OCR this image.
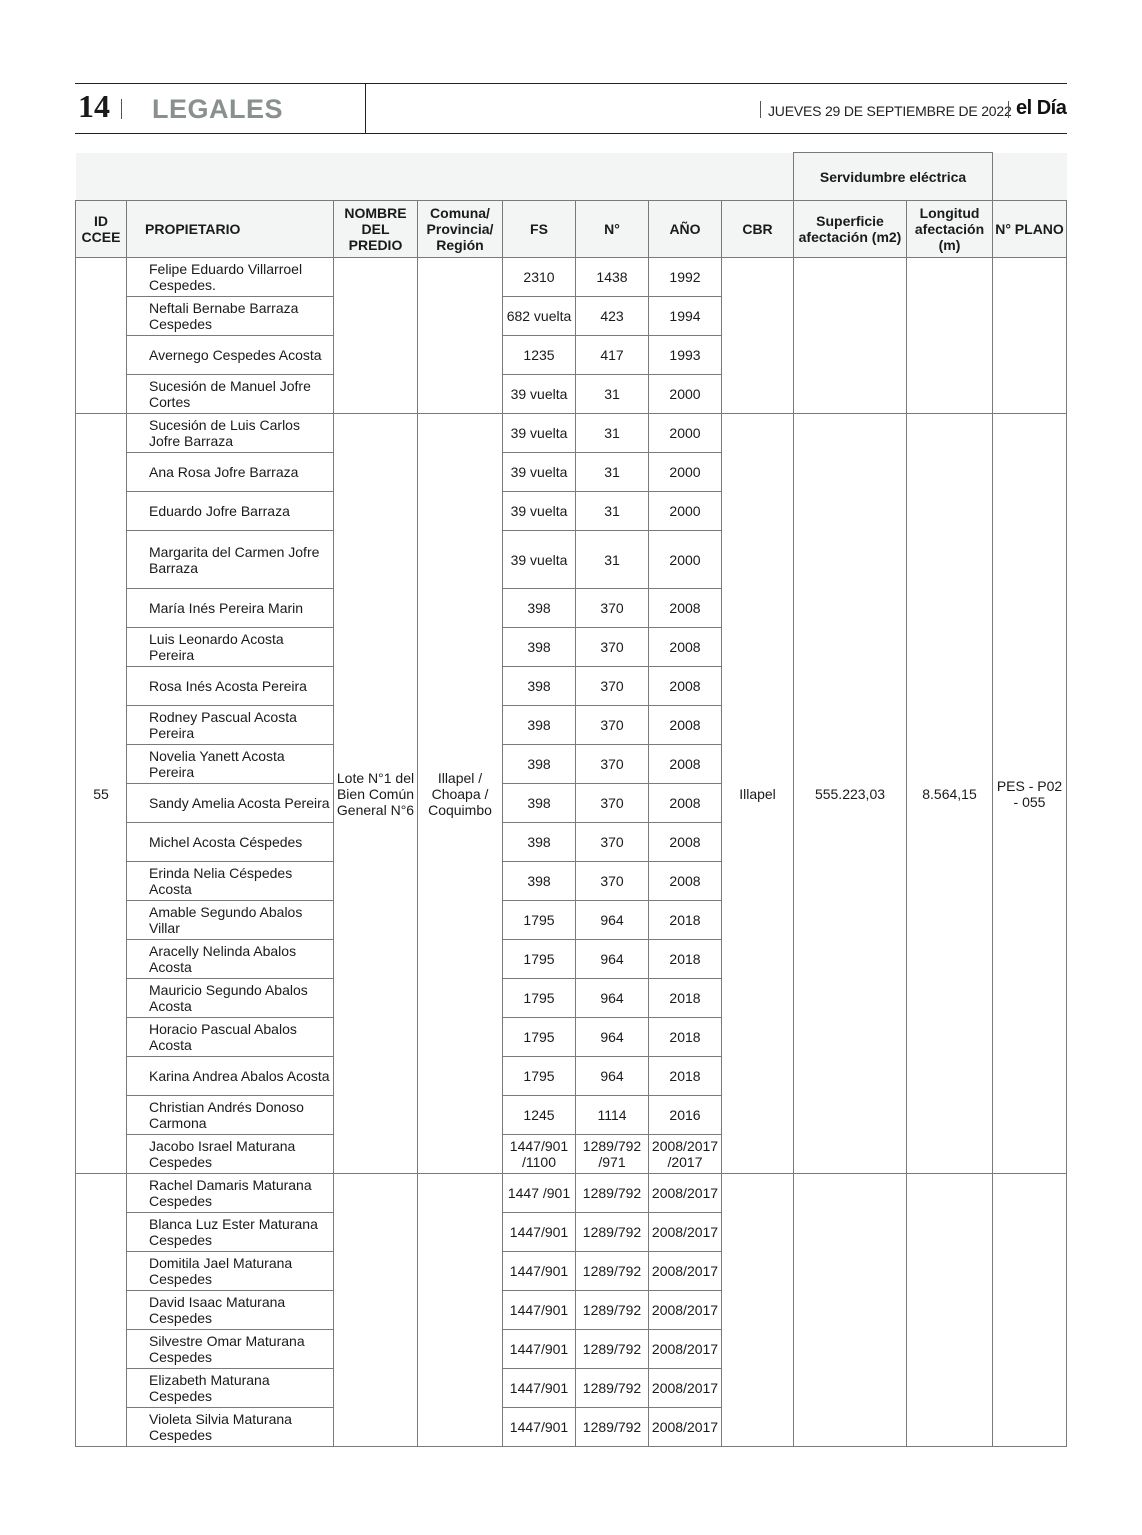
14 LEGALES	JUEVES 29 DE SEPTIEMBRE DE 2022 el Día
								Servidumbre eléctrica		
ID CCEE	PROPIETARIO	NOMBRE DEL PREDIO	Comuna/ Provincia/ Región	FS	N°	AÑO	CBR	Superficie afectación (m2)	Longitud afectación (m)	N° PLANO
	Felipe Eduardo Villarroel Cespedes.			2310	1438	1992				
	Neftali Bernabe Barraza Cespedes			682 vuelta	423	1994				
	Avernego Cespedes Acosta			1235	417	1993				
	Sucesión de Manuel Jofre Cortes			39 vuelta	31	2000				
55	Sucesión de Luis Carlos Jofre Barraza	Lote N°1 del Bien Común General N°6	Illapel / Choapa / Coquimbo	39 vuelta	31	2000	Illapel	555.223,03	8.564,15	PES - P02 - 055
	Ana Rosa Jofre Barraza			39 vuelta	31	2000				
	Eduardo Jofre Barraza			39 vuelta	31	2000				
	Margarita del Carmen Jofre Barraza			39 vuelta	31	2000				
	María Inés Pereira Marin			398	370	2008				
	Luis Leonardo Acosta Pereira			398	370	2008				
	Rosa Inés Acosta Pereira			398	370	2008				
	Rodney Pascual Acosta Pereira			398	370	2008				
	Novelia Yanett Acosta Pereira			398	370	2008				
	Sandy Amelia Acosta Pereira			398	370	2008				
	Michel Acosta Céspedes			398	370	2008				
	Erinda Nelia Céspedes Acosta			398	370	2008				
	Amable Segundo Abalos Villar			1795	964	2018				
	Aracelly Nelinda Abalos Acosta			1795	964	2018				
	Mauricio Segundo Abalos Acosta			1795	964	2018				
	Horacio Pascual Abalos Acosta			1795	964	2018				
	Karina Andrea Abalos Acosta			1795	964	2018				
	Christian Andrés Donoso Carmona			1245	1114	2016				
	Jacobo Israel Maturana Cespedes			1447/901 /1100	1289/792 /971	2008/2017 /2017				
	Rachel Damaris Maturana Cespedes			1447 /901	1289/792	2008/2017				
	Blanca Luz Ester Maturana Cespedes			1447/901	1289/792	2008/2017				
	Domitila Jael Maturana Cespedes			1447/901	1289/792	2008/2017				
	David Isaac Maturana Cespedes			1447/901	1289/792	2008/2017				
	Silvestre Omar Maturana Cespedes			1447/901	1289/792	2008/2017				
	Elizabeth Maturana Cespedes			1447/901	1289/792	2008/2017				
	Violeta Silvia Maturana Cespedes			1447/901	1289/792	2008/2017				
